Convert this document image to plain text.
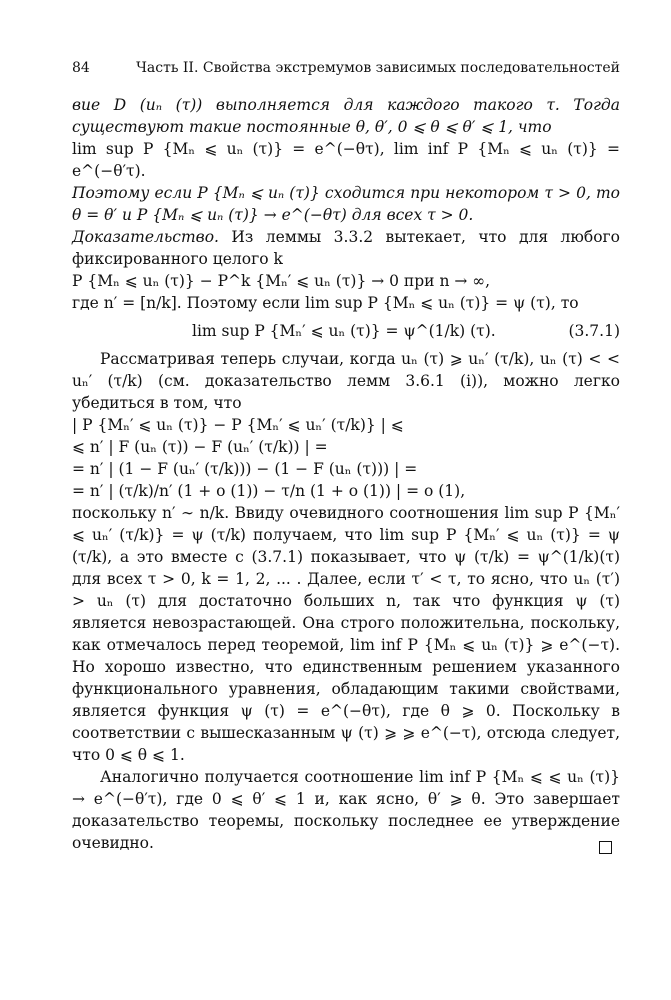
84	Часть II. Свойства экстремумов зависимых последовательностей

вие D (uₙ (τ)) выполняется для каждого такого τ. Тогда существуют такие постоянные θ, θ′, 0 ⩽ θ ⩽ θ′ ⩽ 1, что

lim sup P {Mₙ ⩽ uₙ (τ)} = e^(−θτ), lim inf P {Mₙ ⩽ uₙ (τ)} = e^(−θ′τ).

Поэтому если P {Mₙ ⩽ uₙ (τ)} сходится при некотором τ > 0, то θ = θ′ и P {Mₙ ⩽ uₙ (τ)} → e^(−θτ) для всех τ > 0.

Доказательство. Из леммы 3.3.2 вытекает, что для любого фиксированного целого k

P {Mₙ ⩽ uₙ (τ)} − P^k {Mₙ′ ⩽ uₙ (τ)} → 0 при n → ∞,

где n′ = [n/k]. Поэтому если lim sup P {Mₙ ⩽ uₙ (τ)} = ψ (τ), то

lim sup P {Mₙ′ ⩽ uₙ (τ)} = ψ^(1/k) (τ).	(3.7.1)

Рассматривая теперь случаи, когда uₙ (τ) ⩾ uₙ′ (τ/k), uₙ (τ) < < uₙ′ (τ/k) (см. доказательство лемм 3.6.1 (i)), можно легко убедиться в том, что

| P {Mₙ′ ⩽ uₙ (τ)} − P {Mₙ′ ⩽ uₙ′ (τ/k)} | ⩽

⩽ n′ | F (uₙ (τ)) − F (uₙ′ (τ/k)) | =

= n′ | (1 − F (uₙ′ (τ/k))) − (1 − F (uₙ (τ))) | =

= n′ | (τ/k)/n′ (1 + o (1)) − τ/n (1 + o (1)) | = o (1),

поскольку n′ ∼ n/k. Ввиду очевидного соотношения lim sup P {Mₙ′ ⩽ uₙ′ (τ/k)} = ψ (τ/k) получаем, что lim sup P {Mₙ′ ⩽ uₙ (τ)} = ψ (τ/k), а это вместе с (3.7.1) показывает, что ψ (τ/k) = ψ^(1/k)(τ) для всех τ > 0, k = 1, 2, ... . Далее, если τ′ < τ, то ясно, что uₙ (τ′) > uₙ (τ) для достаточно больших n, так что функция ψ (τ) является невозрастающей. Она строго положительна, поскольку, как отмечалось перед теоремой, lim inf P {Mₙ ⩽ uₙ (τ)} ⩾ e^(−τ). Но хорошо известно, что единственным решением указанного функционального уравнения, обладающим такими свойствами, является функция ψ (τ) = e^(−θτ), где θ ⩾ 0. Поскольку в соответствии с вышесказанным ψ (τ) ⩾ ⩾ e^(−τ), отсюда следует, что 0 ⩽ θ ⩽ 1.

Аналогично получается соотношение lim inf P {Mₙ ⩽ ⩽ uₙ (τ)} → e^(−θ′τ), где 0 ⩽ θ′ ⩽ 1 и, как ясно, θ′ ⩾ θ. Это завершает доказательство теоремы, поскольку последнее ее утверждение очевидно.
